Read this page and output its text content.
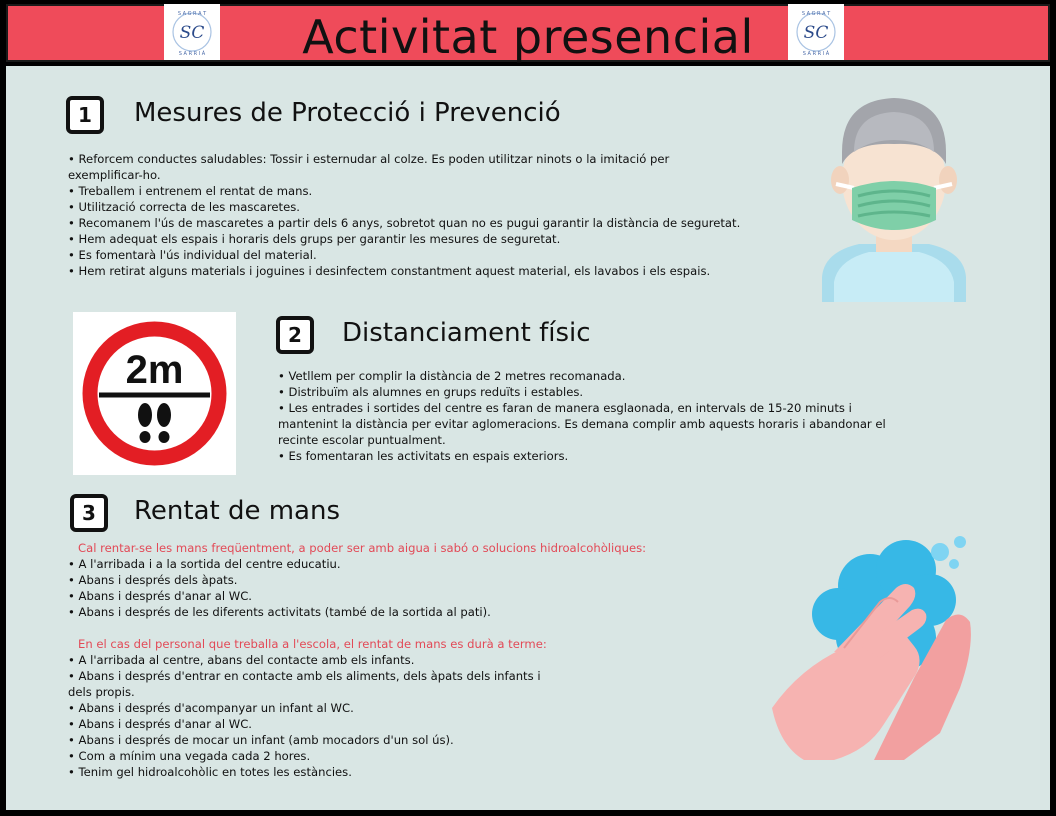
Activitat presencial
SC
S A G R A T
S A R R I À
SC
S A G R A T
S A R R I À
1	Mesures de Protecció i Prevenció
• Reforcem conductes saludables: Tossir i esternudar al colze. Es poden utilitzar ninots o la imitació per
exemplificar-ho.
• Treballem i entrenem el rentat de mans.
• Utilització correcta de les mascaretes.
• Recomanem l'ús de mascaretes a partir dels 6 anys, sobretot quan no es pugui garantir la distància de seguretat.
• Hem adequat els espais i horaris dels grups per garantir les mesures de seguretat.
• Es fomentarà l'ús individual del material.
• Hem retirat alguns materials i joguines i desinfectem constantment aquest material, els lavabos i els espais.
2m
2	Distanciament físic
• Vetllem per complir la distància de 2 metres recomanada.
• Distribuïm als alumnes en grups reduïts i estables.
• Les entrades i sortides del centre es faran de manera esglaonada, en intervals de 15-20 minuts i
mantenint la distància per evitar aglomeracions. Es demana complir amb aquests horaris i abandonar el
recinte escolar puntualment.
• Es fomentaran les activitats en espais exteriors.
3	Rentat de mans
Cal rentar-se les mans freqüentment, a poder ser amb aigua i sabó o solucions hidroalcohòliques:
• A l'arribada i a la sortida del centre educatiu.
• Abans i després dels àpats.
• Abans i després d'anar al WC.
• Abans i després de les diferents activitats (també de la sortida al pati).
En el cas del personal que treballa a l'escola, el rentat de mans es durà a terme:
• A l'arribada al centre, abans del contacte amb els infants.
• Abans i després d'entrar en contacte amb els aliments, dels àpats dels infants i
dels propis.
• Abans i després d'acompanyar un infant al WC.
• Abans i després d'anar al WC.
• Abans i després de mocar un infant (amb mocadors d'un sol ús).
• Com a mínim una vegada cada 2 hores.
• Tenim gel hidroalcohòlic en totes les estàncies.
